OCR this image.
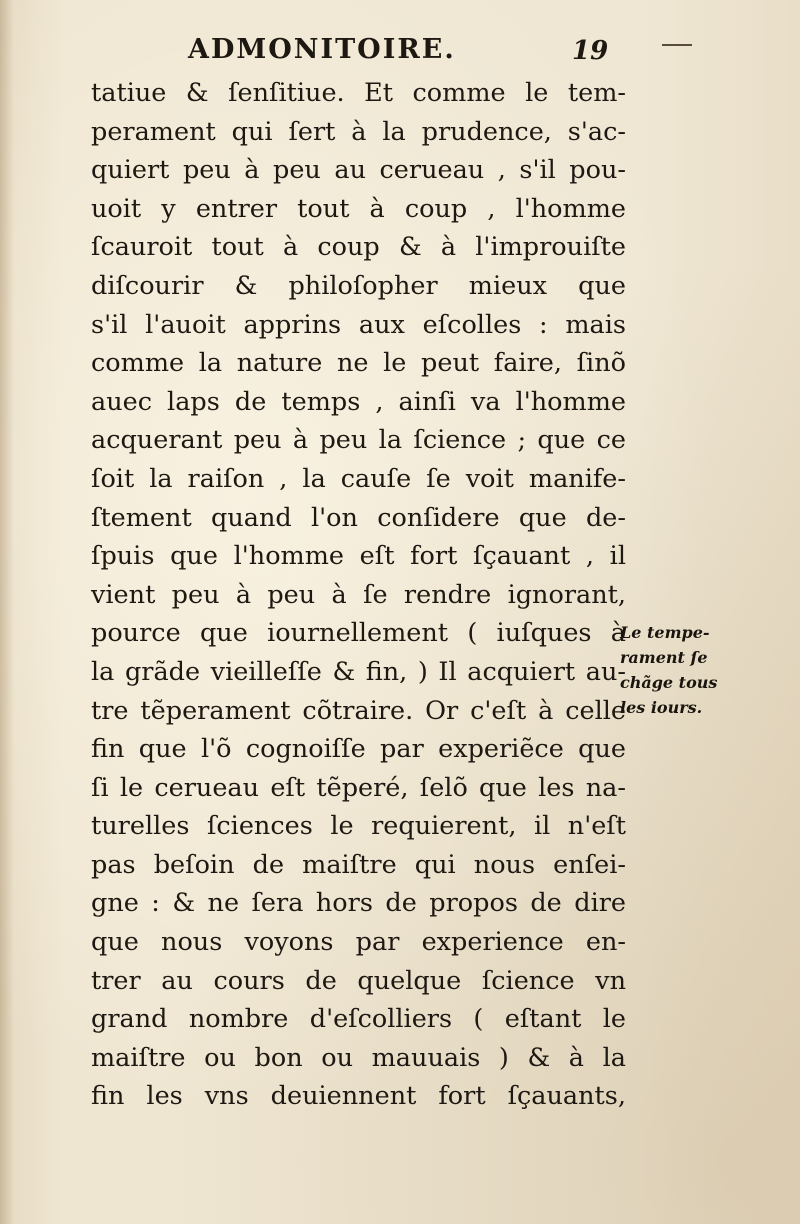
ADMONITOIRE.	19
tatiue & ſenſitiue. Et comme le tem-
perament qui ſert à la prudence, s'ac-
quiert peu à peu au cerueau , s'il pou-
uoit y entrer tout à coup , l'homme
ſcauroit tout à coup & à l'improuiſte
diſcourir & philoſopher mieux que
s'il l'auoit apprins aux eſcolles : mais
comme la nature ne le peut faire, ſinõ
auec laps de temps , ainſi va l'homme
acquerant peu à peu la ſcience ; que ce
ſoit la raiſon , la cauſe ſe voit manife-
ſtement quand l'on conſidere que de-
ſpuis que l'homme eſt fort ſçauant , il
vient peu à peu à ſe rendre ignorant,
pource que iournellement ( iuſques à
la grãde vieilleſſe & fin, ) Il acquiert au-
tre tẽperament cõtraire. Or c'eſt à celle
fin que l'õ cognoiſſe par experiẽce que
ſi le cerueau eſt tẽperé, ſelõ que les na-
turelles ſciences le requierent, il n'eſt
pas beſoin de maiſtre qui nous enſei-
gne : & ne ſera hors de propos de dire
que nous voyons par experience en-
trer au cours de quelque ſcience vn
grand nombre d'eſcolliers ( eſtant le
maiſtre ou bon ou mauuais ) & à la
fin les vns deuiennent fort ſçauants,
Le tempe-
rament ſe
chãge tous
les iours.
